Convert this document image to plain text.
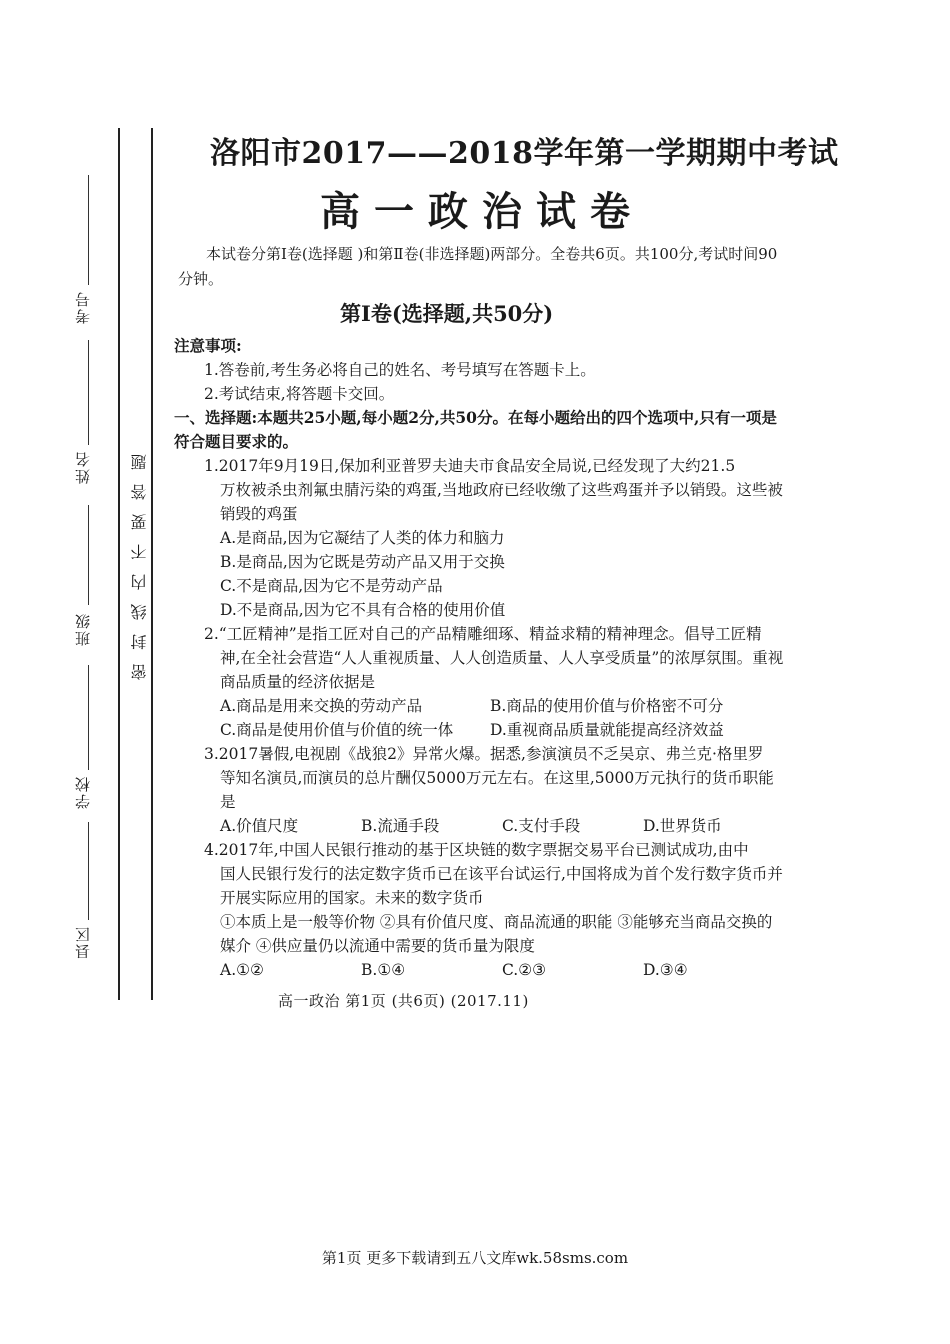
考号
姓名
班级
学校
县区
密封线内不要答题
洛阳市2017——2018学年第一学期期中考试
高一政治试卷
本试卷分第Ⅰ卷(选择题 )和第Ⅱ卷(非选择题)两部分。全卷共6页。共100分,考试时间90分钟。
第Ⅰ卷(选择题,共50分)

注意事项:

1.答卷前,考生务必将自己的姓名、考号填写在答题卡上。

2.考试结束,将答题卡交回。

一、选择题:本题共25小题,每小题2分,共50分。在每小题给出的四个选项中,只有一项是符合题目要求的。

1.2017年9月19日,保加利亚普罗夫迪夫市食品安全局说,已经发现了大约21.5

万枚被杀虫剂氟虫腈污染的鸡蛋,当地政府已经收缴了这些鸡蛋并予以销毁。这些被销毁的鸡蛋

A.是商品,因为它凝结了人类的体力和脑力

B.是商品,因为它既是劳动产品又用于交换

C.不是商品,因为它不是劳动产品

D.不是商品,因为它不具有合格的使用价值

2.“工匠精神”是指工匠对自己的产品精雕细琢、精益求精的精神理念。倡导工匠精

神,在全社会营造“人人重视质量、人人创造质量、人人享受质量”的浓厚氛围。重视商品质量的经济依据是

A.商品是用来交换的劳动产品	B.商品的使用价值与价格密不可分
C.商品是使用价值与价值的统一体	D.重视商品质量就能提高经济效益

3.2017暑假,电视剧《战狼2》异常火爆。据悉,参演演员不乏吴京、弗兰克·格里罗

等知名演员,而演员的总片酬仅5000万元左右。在这里,5000万元执行的货币职能是

A.价值尺度	B.流通手段	C.支付手段	D.世界货币

4.2017年,中国人民银行推动的基于区块链的数字票据交易平台已测试成功,由中

国人民银行发行的法定数字货币已在该平台试运行,中国将成为首个发行数字货币并开展实际应用的国家。未来的数字货币

①本质上是一般等价物 ②具有价值尺度、商品流通的职能 ③能够充当商品交换的媒介 ④供应量仍以流通中需要的货币量为限度

A.①②	B.①④	C.②③	D.③④
高一政治 第1页 (共6页) (2017.11)
第1页 更多下载请到五八文库wk.58sms.com
